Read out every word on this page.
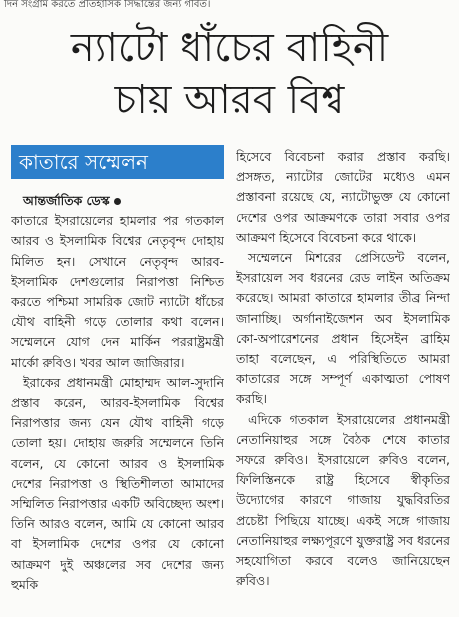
দিন সংগ্রাম করতে প্রতিহাসিক সিদ্ধান্তের জন্য গর্বিত।
ন্যাটো ধাঁচের বাহিনী
চায় আরব বিশ্ব
কাতারে সম্মেলন

আন্তর্জাতিক ডেস্ক

কাতারে ইসরায়েলের হামলার পর গতকাল আরব ও ইসলামিক বিশ্বের নেতৃবৃন্দ দোহায় মিলিত হন। সেখানে নেতৃবৃন্দ আরব-ইসলামিক দেশগুলোর নিরাপত্তা নিশ্চিত করতে পশ্চিমা সামরিক জোট ন্যাটো ধাঁচের যৌথ বাহিনী গড়ে তোলার কথা বলেন। সম্মেলনে যোগ দেন মার্কিন পররাষ্ট্রমন্ত্রী মার্কো রুবিও। খবর আল জাজিরার।

ইরাকের প্রধানমন্ত্রী মোহাম্মদ আল-সুদানি প্রস্তাব করেন, আরব-ইসলামিক বিশ্বের নিরাপত্তার জন্য যেন যৌথ বাহিনী গড়ে তোলা হয়। দোহায় জরুরি সম্মেলনে তিনি বলেন, যে কোনো আরব ও ইসলামিক দেশের নিরাপত্তা ও স্থিতিশীলতা আমাদের সম্মিলিত নিরাপত্তার একটি অবিচ্ছেদ্য অংশ। তিনি আরও বলেন, আমি যে কোনো আরব বা ইসলামিক দেশের ওপর যে কোনো আক্রমণ দুই অঞ্চলের সব দেশের জন্য হুমকি

হিসেবে বিবেচনা করার প্রস্তাব করছি। প্রসঙ্গত, ন্যাটোর জোটের মধ্যেও এমন প্রস্তাবনা রয়েছে যে, ন্যাটোভুক্ত যে কোনো দেশের ওপর আক্রমণকে তারা সবার ওপর আক্রমণ হিসেবে বিবেচনা করে থাকে।

সম্মেলনে মিশরের প্রেসিডেন্ট বলেন, ইসরায়েল সব ধরনের রেড লাইন অতিক্রম করেছে। আমরা কাতারে হামলার তীব্র নিন্দা জানাচ্ছি। অর্গানাইজেশন অব ইসলামিক কো-অপারেশনের প্রধান হিসেইন ব্রাহিম তাহা বলেছেন, এ পরিস্থিতিতে আমরা কাতারের সঙ্গে সম্পূর্ণ একাত্মতা পোষণ করছি।

এদিকে গতকাল ইসরায়েলের প্রধানমন্ত্রী নেতানিয়াহুর সঙ্গে বৈঠক শেষে কাতার সফরে রুবিও। ইসরায়েলে রুবিও বলেন, ফিলিস্তিনকে রাষ্ট্র হিসেবে স্বীকৃতির উদ্যোগের কারণে গাজায় যুদ্ধবিরতির প্রচেষ্টা পিছিয়ে যাচ্ছে। একই সঙ্গে গাজায় নেতানিয়াহুর লক্ষ্যপূরণে যুক্তরাষ্ট্র সব ধরনের সহযোগিতা করবে বলেও জানিয়েছেন রুবিও।
